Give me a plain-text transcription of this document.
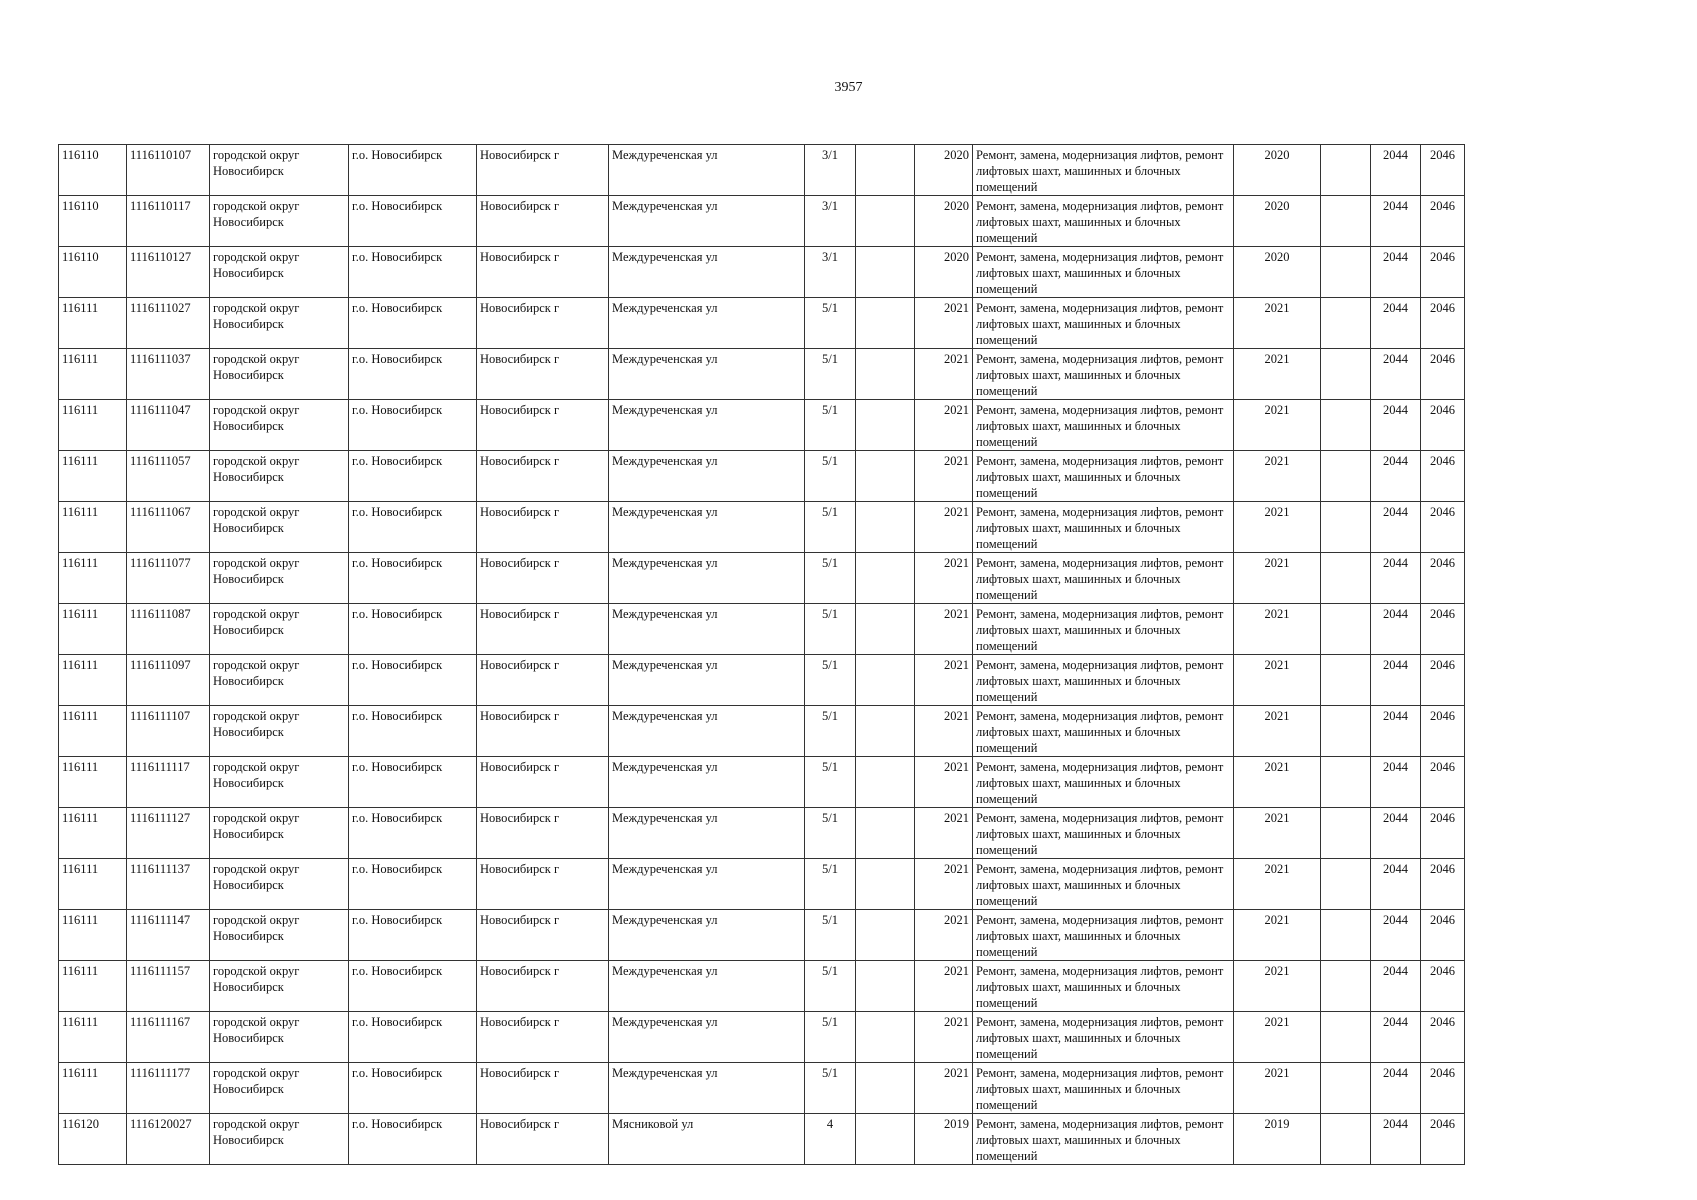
3957
116110	1116110107	городской округ Новосибирск	г.о. Новосибирск	Новосибирск г	Междуреченская ул	3/1		2020	Ремонт, замена, модернизация лифтов, ремонт лифтовых шахт, машинных и блочных помещений	2020		2044	2046
116110	1116110117	городской округ Новосибирск	г.о. Новосибирск	Новосибирск г	Междуреченская ул	3/1		2020	Ремонт, замена, модернизация лифтов, ремонт лифтовых шахт, машинных и блочных помещений	2020		2044	2046
116110	1116110127	городской округ Новосибирск	г.о. Новосибирск	Новосибирск г	Междуреченская ул	3/1		2020	Ремонт, замена, модернизация лифтов, ремонт лифтовых шахт, машинных и блочных помещений	2020		2044	2046
116111	1116111027	городской округ Новосибирск	г.о. Новосибирск	Новосибирск г	Междуреченская ул	5/1		2021	Ремонт, замена, модернизация лифтов, ремонт лифтовых шахт, машинных и блочных помещений	2021		2044	2046
116111	1116111037	городской округ Новосибирск	г.о. Новосибирск	Новосибирск г	Междуреченская ул	5/1		2021	Ремонт, замена, модернизация лифтов, ремонт лифтовых шахт, машинных и блочных помещений	2021		2044	2046
116111	1116111047	городской округ Новосибирск	г.о. Новосибирск	Новосибирск г	Междуреченская ул	5/1		2021	Ремонт, замена, модернизация лифтов, ремонт лифтовых шахт, машинных и блочных помещений	2021		2044	2046
116111	1116111057	городской округ Новосибирск	г.о. Новосибирск	Новосибирск г	Междуреченская ул	5/1		2021	Ремонт, замена, модернизация лифтов, ремонт лифтовых шахт, машинных и блочных помещений	2021		2044	2046
116111	1116111067	городской округ Новосибирск	г.о. Новосибирск	Новосибирск г	Междуреченская ул	5/1		2021	Ремонт, замена, модернизация лифтов, ремонт лифтовых шахт, машинных и блочных помещений	2021		2044	2046
116111	1116111077	городской округ Новосибирск	г.о. Новосибирск	Новосибирск г	Междуреченская ул	5/1		2021	Ремонт, замена, модернизация лифтов, ремонт лифтовых шахт, машинных и блочных помещений	2021		2044	2046
116111	1116111087	городской округ Новосибирск	г.о. Новосибирск	Новосибирск г	Междуреченская ул	5/1		2021	Ремонт, замена, модернизация лифтов, ремонт лифтовых шахт, машинных и блочных помещений	2021		2044	2046
116111	1116111097	городской округ Новосибирск	г.о. Новосибирск	Новосибирск г	Междуреченская ул	5/1		2021	Ремонт, замена, модернизация лифтов, ремонт лифтовых шахт, машинных и блочных помещений	2021		2044	2046
116111	1116111107	городской округ Новосибирск	г.о. Новосибирск	Новосибирск г	Междуреченская ул	5/1		2021	Ремонт, замена, модернизация лифтов, ремонт лифтовых шахт, машинных и блочных помещений	2021		2044	2046
116111	1116111117	городской округ Новосибирск	г.о. Новосибирск	Новосибирск г	Междуреченская ул	5/1		2021	Ремонт, замена, модернизация лифтов, ремонт лифтовых шахт, машинных и блочных помещений	2021		2044	2046
116111	1116111127	городской округ Новосибирск	г.о. Новосибирск	Новосибирск г	Междуреченская ул	5/1		2021	Ремонт, замена, модернизация лифтов, ремонт лифтовых шахт, машинных и блочных помещений	2021		2044	2046
116111	1116111137	городской округ Новосибирск	г.о. Новосибирск	Новосибирск г	Междуреченская ул	5/1		2021	Ремонт, замена, модернизация лифтов, ремонт лифтовых шахт, машинных и блочных помещений	2021		2044	2046
116111	1116111147	городской округ Новосибирск	г.о. Новосибирск	Новосибирск г	Междуреченская ул	5/1		2021	Ремонт, замена, модернизация лифтов, ремонт лифтовых шахт, машинных и блочных помещений	2021		2044	2046
116111	1116111157	городской округ Новосибирск	г.о. Новосибирск	Новосибирск г	Междуреченская ул	5/1		2021	Ремонт, замена, модернизация лифтов, ремонт лифтовых шахт, машинных и блочных помещений	2021		2044	2046
116111	1116111167	городской округ Новосибирск	г.о. Новосибирск	Новосибирск г	Междуреченская ул	5/1		2021	Ремонт, замена, модернизация лифтов, ремонт лифтовых шахт, машинных и блочных помещений	2021		2044	2046
116111	1116111177	городской округ Новосибирск	г.о. Новосибирск	Новосибирск г	Междуреченская ул	5/1		2021	Ремонт, замена, модернизация лифтов, ремонт лифтовых шахт, машинных и блочных помещений	2021		2044	2046
116120	1116120027	городской округ Новосибирск	г.о. Новосибирск	Новосибирск г	Мясниковой ул	4		2019	Ремонт, замена, модернизация лифтов, ремонт лифтовых шахт, машинных и блочных помещений	2019		2044	2046
